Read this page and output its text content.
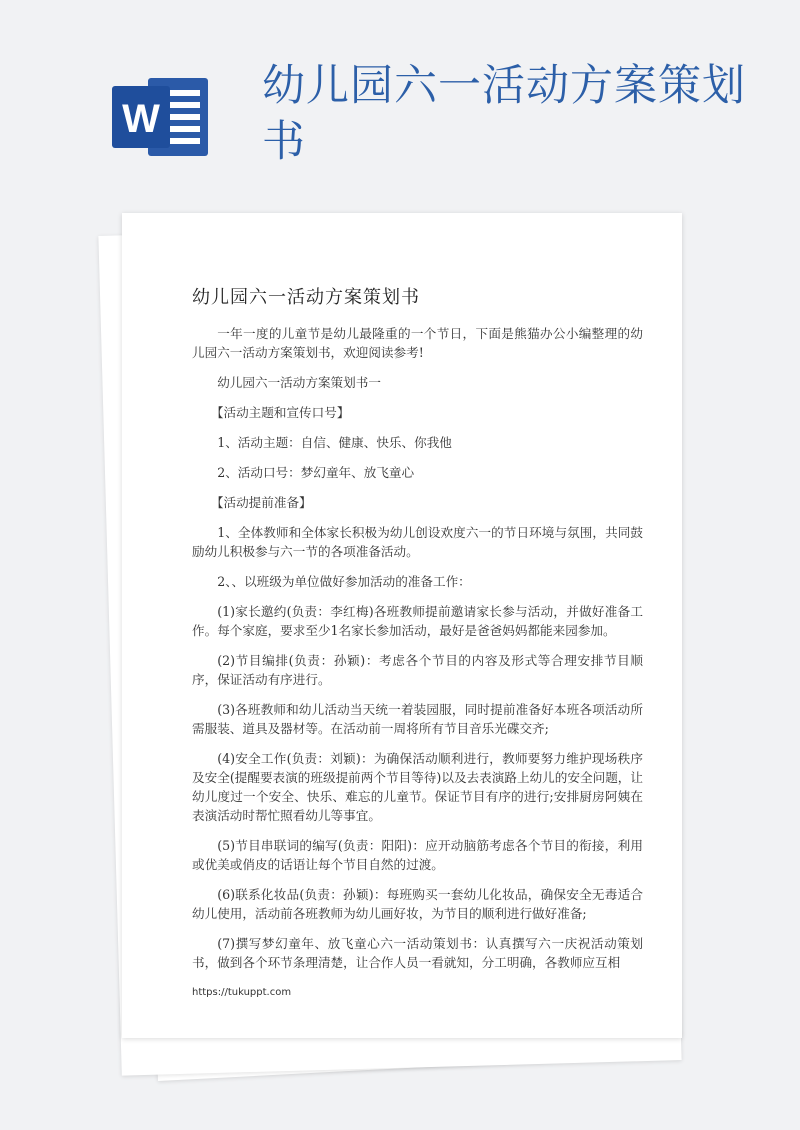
W
幼儿园六一活动方案策划书
幼儿园六一活动方案策划书

一年一度的儿童节是幼儿最隆重的一个节日，下面是熊猫办公小编整理的幼儿园六一活动方案策划书，欢迎阅读参考!

幼儿园六一活动方案策划书一

【活动主题和宣传口号】

1、活动主题：自信、健康、快乐、你我他

2、活动口号：梦幻童年、放飞童心

【活动提前准备】

1、全体教师和全体家长积极为幼儿创设欢度六一的节日环境与氛围，共同鼓励幼儿积极参与六一节的各项准备活动。

2、、以班级为单位做好参加活动的准备工作：

(1)家长邀约(负责：李红梅)各班教师提前邀请家长参与活动，并做好准备工作。每个家庭，要求至少1名家长参加活动，最好是爸爸妈妈都能来园参加。

(2)节目编排(负责：孙颖)：考虑各个节目的内容及形式等合理安排节目顺序，保证活动有序进行。

(3)各班教师和幼儿活动当天统一着装园服，同时提前准备好本班各项活动所需服装、道具及器材等。在活动前一周将所有节目音乐光碟交齐;

(4)安全工作(负责：刘颖)：为确保活动顺利进行，教师要努力维护现场秩序及安全(提醒要表演的班级提前两个节目等待)以及去表演路上幼儿的安全问题，让幼儿度过一个安全、快乐、难忘的儿童节。保证节目有序的进行;安排厨房阿姨在表演活动时帮忙照看幼儿等事宜。

(5)节目串联词的编写(负责：阳阳)：应开动脑筋考虑各个节目的衔接，利用或优美或俏皮的话语让每个节目自然的过渡。

(6)联系化妆品(负责：孙颖)：每班购买一套幼儿化妆品，确保安全无毒适合幼儿使用，活动前各班教师为幼儿画好妆，为节目的顺利进行做好准备;

(7)撰写梦幻童年、放飞童心六一活动策划书：认真撰写六一庆祝活动策划书，做到各个环节条理清楚，让合作人员一看就知，分工明确，各教师应互相

https://tukuppt.com
